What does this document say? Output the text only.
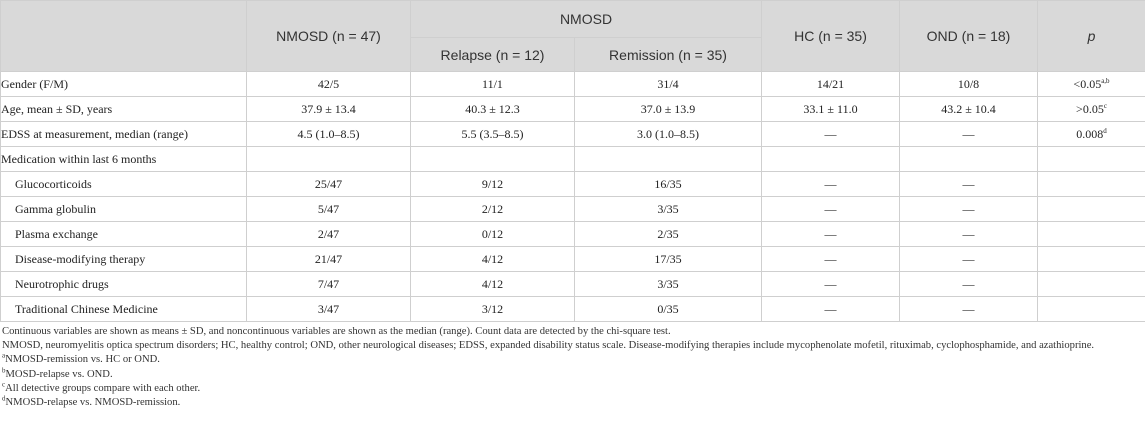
	NMOSD (n = 47)	NMOSD		HC (n = 35)	OND (n = 18)	p
		Relapse (n = 12)	Remission (n = 35)			
Gender (F/M)	42/5	11/1	31/4	14/21	10/8	$<0.05^{a,b}$
Age, mean ± SD, years	37.9 ± 13.4	40.3 ± 12.3	37.0 ± 13.9	33.1 ± 11.0	43.2 ± 10.4	>0.05$^c$
EDSS at measurement, median (range)	4.5 (1.0–8.5)	5.5 (3.5–8.5)	3.0 (1.0–8.5)	—	—	0.008$^d$
Medication within last 6 months						
Glucocorticoids	25/47	9/12	16/35	—	—	
Gamma globulin	5/47	2/12	3/35	—	—	
Plasma exchange	2/47	0/12	2/35	—	—	
Disease-modifying therapy	21/47	4/12	17/35	—	—	
Neurotrophic drugs	7/47	4/12	3/35	—	—	
Traditional Chinese Medicine	3/47	3/12	0/35	—	—	
Continuous variables are shown as means ± SD, and noncontinuous variables are shown as the median (range). Count data are detected by the chi-square test.
NMOSD, neuromyelitis optica spectrum disorders; HC, healthy control; OND, other neurological diseases; EDSS, expanded disability status scale. Disease-modifying therapies include mycophenolate mofetil, rituximab, cyclophosphamide, and azathioprine.
$^a$NMOSD-remission vs. HC or OND.
$^b$MOSD-relapse vs. OND.
$^c$All detective groups compare with each other.
$^d$NMOSD-relapse vs. NMOSD-remission.
